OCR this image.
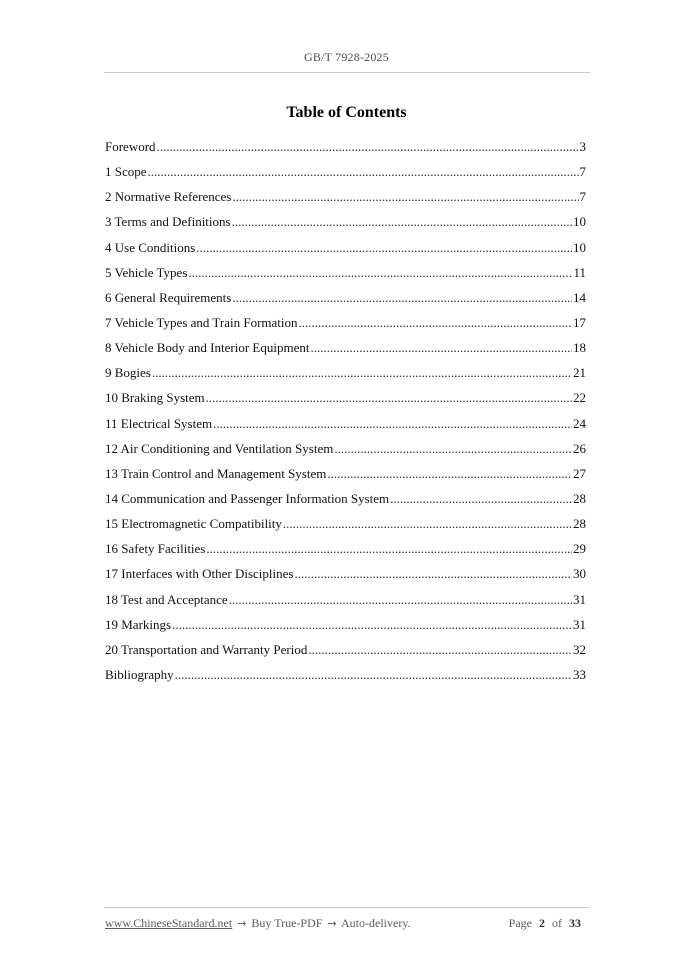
GB/T 7928-2025
Table of Contents
Foreword .....	3
1 Scope .....	7
2 Normative References .....	7
3 Terms and Definitions .....	10
4 Use Conditions .....	10
5 Vehicle Types .....	11
6 General Requirements .....	14
7 Vehicle Types and Train Formation .....	17
8 Vehicle Body and Interior Equipment .....	18
9 Bogies .....	21
10 Braking System .....	22
11 Electrical System .....	24
12 Air Conditioning and Ventilation System .....	26
13 Train Control and Management System .....	27
14 Communication and Passenger Information System .....	28
15 Electromagnetic Compatibility .....	28
16 Safety Facilities .....	29
17 Interfaces with Other Disciplines .....	30
18 Test and Acceptance .....	31
19 Markings .....	31
20 Transportation and Warranty Period .....	32
Bibliography .....	33
www.ChineseStandard.net → Buy True-PDF → Auto-delivery.	Page 2 of 33
